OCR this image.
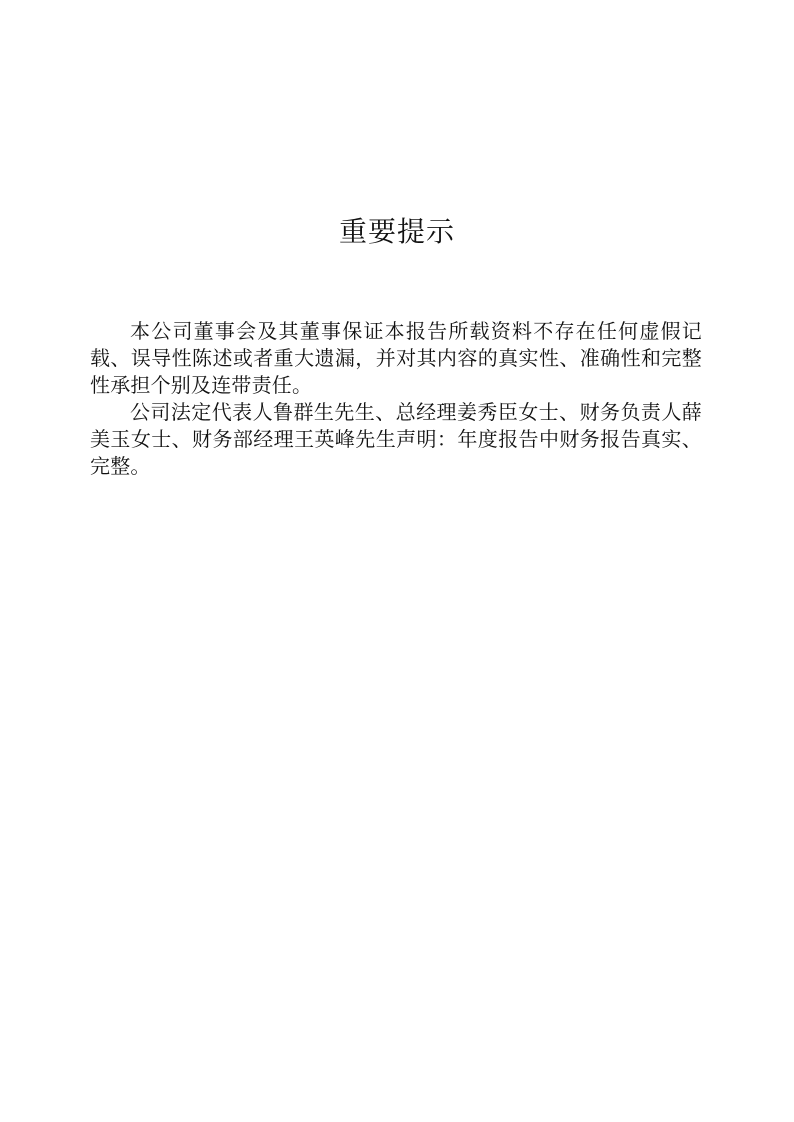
重要提示

本公司董事会及其董事保证本报告所载资料不存在任何虚假记载、误导性陈述或者重大遗漏，并对其内容的真实性、准确性和完整性承担个别及连带责任。

公司法定代表人鲁群生先生、总经理姜秀臣女士、财务负责人薛美玉女士、财务部经理王英峰先生声明：年度报告中财务报告真实、完整。
